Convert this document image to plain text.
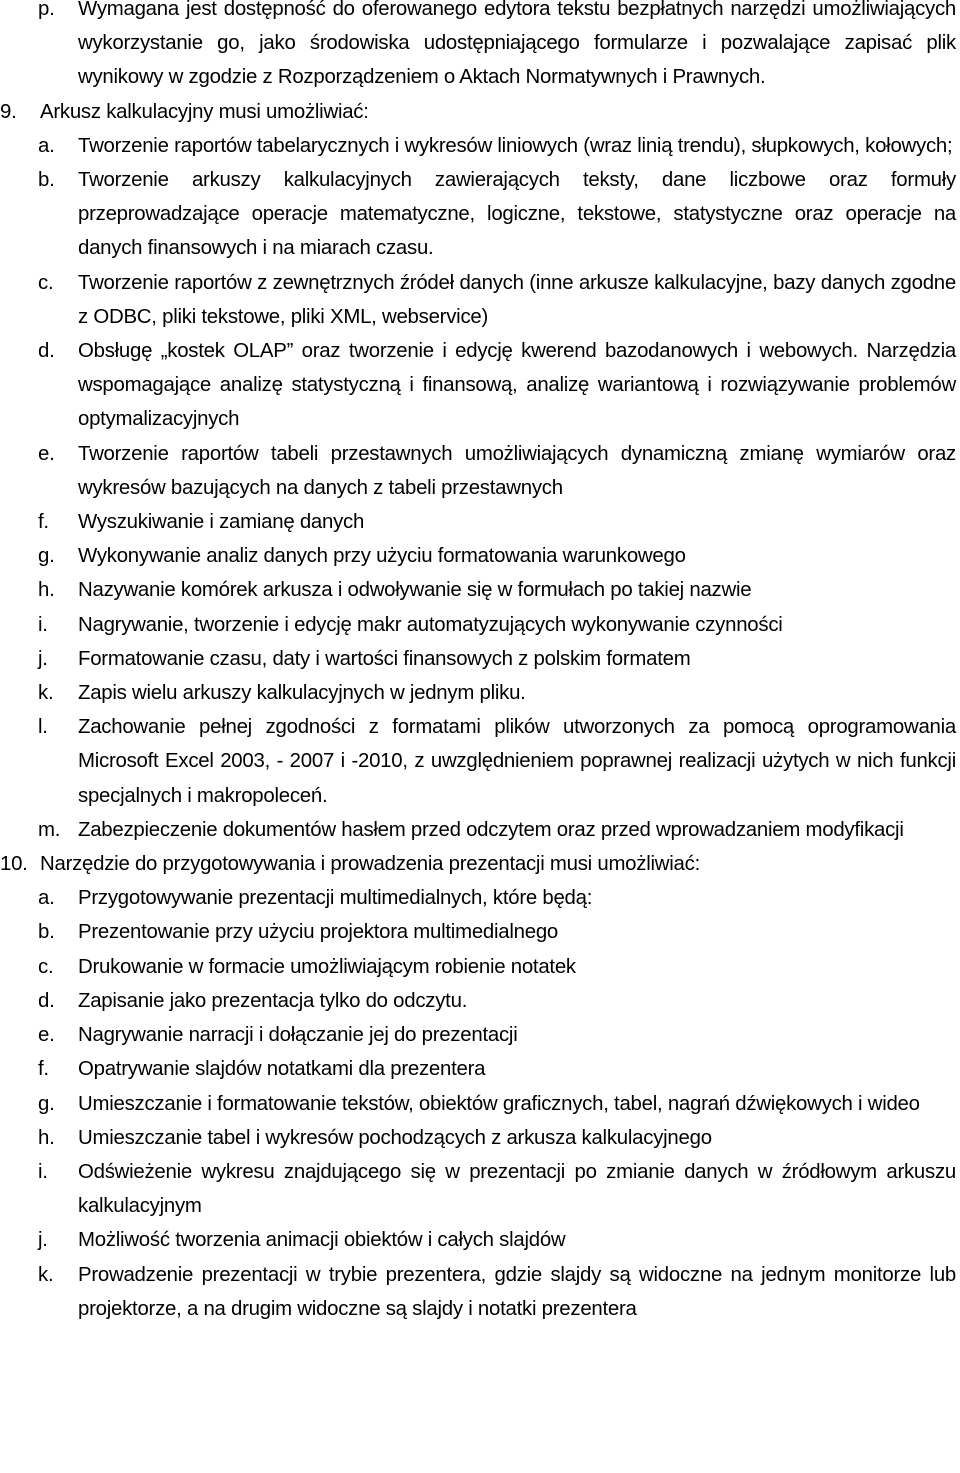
p.	Wymagana jest dostępność do oferowanego edytora tekstu bezpłatnych narzędzi umożliwiających wykorzystanie go, jako środowiska udostępniającego formularze i pozwalające zapisać plik wynikowy w zgodzie z Rozporządzeniem o Aktach Normatywnych i Prawnych.
9.	Arkusz kalkulacyjny musi umożliwiać:
a.	Tworzenie raportów tabelarycznych i wykresów liniowych (wraz linią trendu), słupkowych, kołowych;
b.	Tworzenie arkuszy kalkulacyjnych zawierających teksty, dane liczbowe oraz formuły przeprowadzające operacje matematyczne, logiczne, tekstowe, statystyczne oraz operacje na danych finansowych i na miarach czasu.
c.	Tworzenie raportów z zewnętrznych źródeł danych (inne arkusze kalkulacyjne, bazy danych zgodne z ODBC, pliki tekstowe, pliki XML, webservice)
d.	Obsługę „kostek OLAP” oraz tworzenie i edycję kwerend bazodanowych i webowych. Narzędzia wspomagające analizę statystyczną i finansową, analizę wariantową i rozwiązywanie problemów optymalizacyjnych
e.	Tworzenie raportów tabeli przestawnych umożliwiających dynamiczną zmianę wymiarów oraz wykresów bazujących na danych z tabeli przestawnych
f.	Wyszukiwanie i zamianę danych
g.	Wykonywanie analiz danych przy użyciu formatowania warunkowego
h.	Nazywanie komórek arkusza i odwoływanie się w formułach po takiej nazwie
i.	Nagrywanie, tworzenie i edycję makr automatyzujących wykonywanie czynności
j.	Formatowanie czasu, daty i wartości finansowych z polskim formatem
k.	Zapis wielu arkuszy kalkulacyjnych w jednym pliku.
l.	Zachowanie pełnej zgodności z formatami plików utworzonych za pomocą oprogramowania Microsoft Excel 2003, - 2007 i -2010, z uwzględnieniem poprawnej realizacji użytych w nich funkcji specjalnych i makropoleceń.
m. Zabezpieczenie dokumentów hasłem przed odczytem oraz przed wprowadzaniem modyfikacji
10. Narzędzie do przygotowywania i prowadzenia prezentacji musi umożliwiać:
a.	Przygotowywanie prezentacji multimedialnych, które będą:
b.	Prezentowanie przy użyciu projektora multimedialnego
c.	Drukowanie w formacie umożliwiającym robienie notatek
d.	Zapisanie jako prezentacja tylko do odczytu.
e.	Nagrywanie narracji i dołączanie jej do prezentacji
f.	Opatrywanie slajdów notatkami dla prezentera
g.	Umieszczanie i formatowanie tekstów, obiektów graficznych, tabel, nagrań dźwiękowych i wideo
h.	Umieszczanie tabel i wykresów pochodzących z arkusza kalkulacyjnego
i.	Odświeżenie wykresu znajdującego się w prezentacji po zmianie danych w źródłowym arkuszu kalkulacyjnym
j.	Możliwość tworzenia animacji obiektów i całych slajdów
k.	Prowadzenie prezentacji w trybie prezentera, gdzie slajdy są widoczne na jednym monitorze lub projektorze, a na drugim widoczne są slajdy i notatki prezentera
